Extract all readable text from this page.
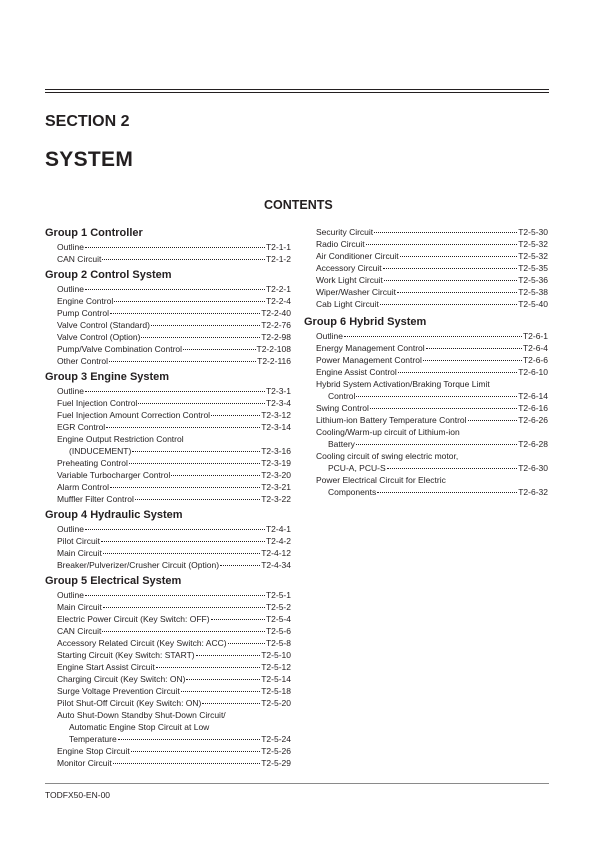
SECTION 2
SYSTEM
CONTENTS
Group 1 Controller
Outline	T2-1-1
CAN Circuit	T2-1-2
Group 2 Control System
Outline	T2-2-1
Engine Control	T2-2-4
Pump Control	T2-2-40
Valve Control (Standard)	T2-2-76
Valve Control (Option)	T2-2-98
Pump/Valve Combination Control	T2-2-108
Other Control	T2-2-116
Group 3 Engine System
Outline	T2-3-1
Fuel Injection Control	T2-3-4
Fuel Injection Amount Correction Control	T2-3-12
EGR Control	T2-3-14
Engine Output Restriction Control
(INDUCEMENT)	T2-3-16
Preheating Control	T2-3-19
Variable Turbocharger Control	T2-3-20
Alarm Control	T2-3-21
Muffler Filter Control	T2-3-22
Group 4 Hydraulic System
Outline	T2-4-1
Pilot Circuit	T2-4-2
Main Circuit	T2-4-12
Breaker/Pulverizer/Crusher Circuit (Option)	T2-4-34
Group 5 Electrical System
Outline	T2-5-1
Main Circuit	T2-5-2
Electric Power Circuit (Key Switch: OFF)	T2-5-4
CAN Circuit	T2-5-6
Accessory Related Circuit (Key Switch: ACC)	T2-5-8
Starting Circuit (Key Switch: START)	T2-5-10
Engine Start Assist Circuit	T2-5-12
Charging Circuit (Key Switch: ON)	T2-5-14
Surge Voltage Prevention Circuit	T2-5-18
Pilot Shut-Off Circuit (Key Switch: ON)	T2-5-20
Auto Shut-Down Standby Shut-Down Circuit/
Automatic Engine Stop Circuit at Low
Temperature	T2-5-24
Engine Stop Circuit	T2-5-26
Monitor Circuit	T2-5-29
Security Circuit	T2-5-30
Radio Circuit	T2-5-32
Air Conditioner Circuit	T2-5-32
Accessory Circuit	T2-5-35
Work Light Circuit	T2-5-36
Wiper/Washer Circuit	T2-5-38
Cab Light Circuit	T2-5-40
Group 6 Hybrid System
Outline	T2-6-1
Energy Management Control	T2-6-4
Power Management Control	T2-6-6
Engine Assist Control	T2-6-10
Hybrid System Activation/Braking Torque Limit
Control	T2-6-14
Swing Control	T2-6-16
Lithium-ion Battery Temperature Control	T2-6-26
Cooling/Warm-up circuit of Lithium-ion
Battery	T2-6-28
Cooling circuit of swing electric motor,
PCU-A, PCU-S	T2-6-30
Power Electrical Circuit for Electric
Components	T2-6-32

TODFX50-EN-00
